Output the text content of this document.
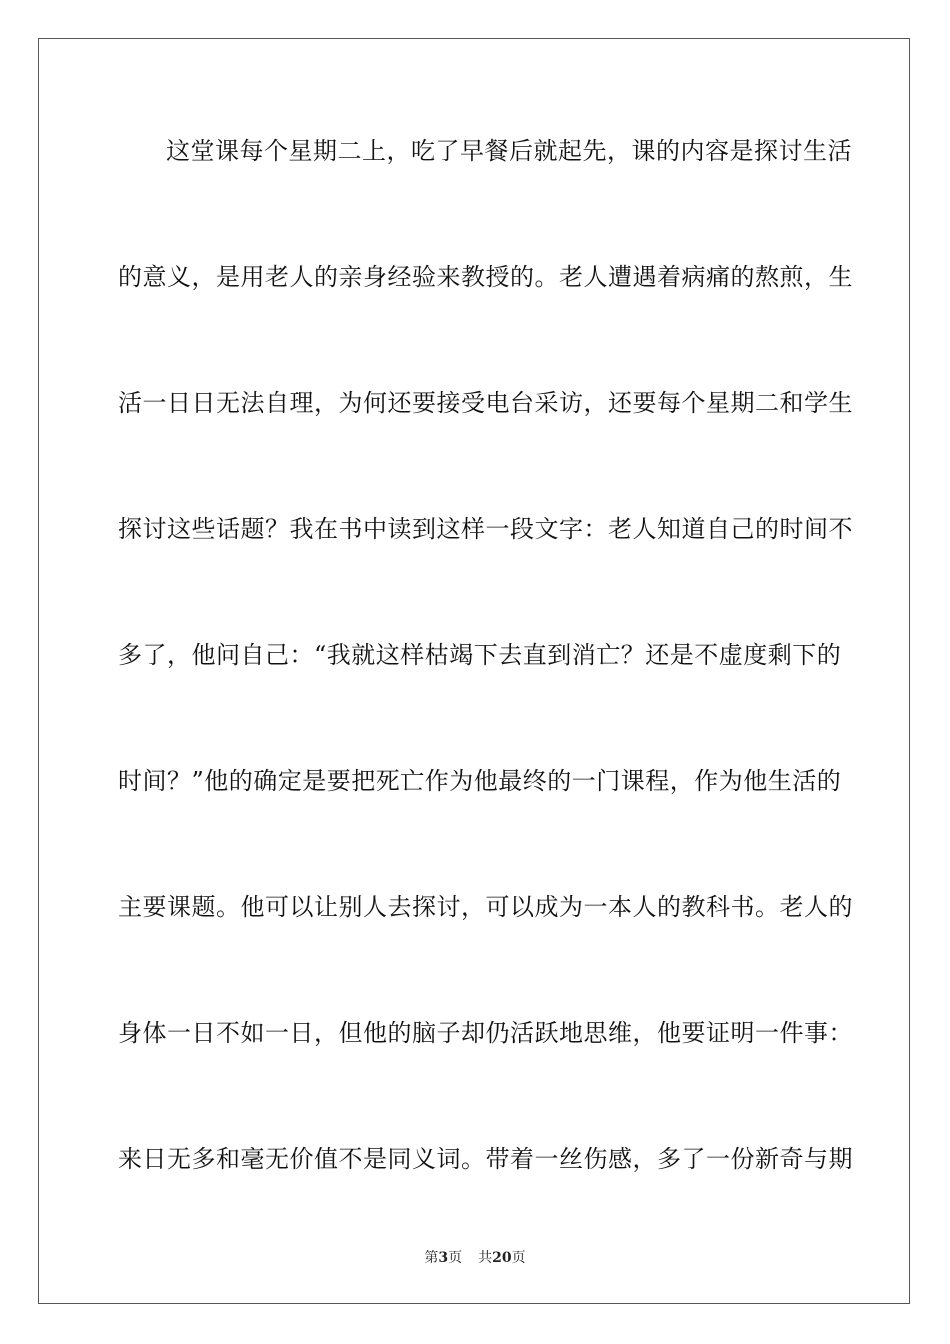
这堂课每个星期二上，吃了早餐后就起先，课的内容是探讨生活
的意义，是用老人的亲身经验来教授的。老人遭遇着病痛的熬煎，生
活一日日无法自理，为何还要接受电台采访，还要每个星期二和学生
探讨这些话题？我在书中读到这样一段文字：老人知道自己的时间不
多了，他问自己：“我就这样枯竭下去直到消亡？还是不虚度剩下的
时间？”他的确定是要把死亡作为他最终的一门课程，作为他生活的
主要课题。他可以让别人去探讨，可以成为一本人的教科书。老人的
身体一日不如一日，但他的脑子却仍活跃地思维，他要证明一件事：
来日无多和毫无价值不是同义词。带着一丝伤感，多了一份新奇与期
第3页 共20页
